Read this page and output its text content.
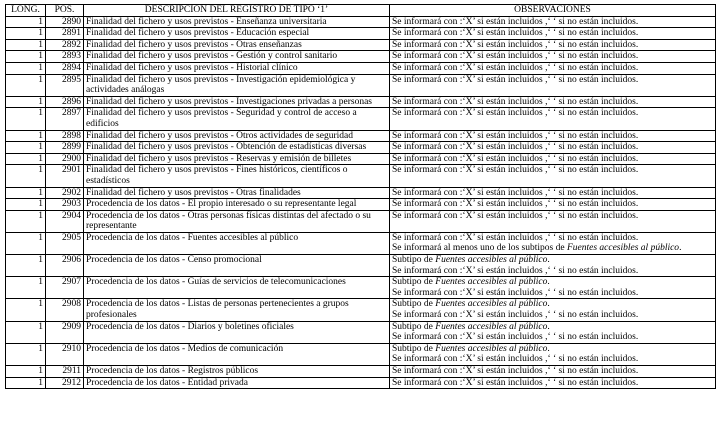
LONG.	POS.	DESCRIPCIÓN DEL REGISTRO DE TIPO ‘1’	OBSERVACIONES
1	2890	Finalidad del fichero y usos previstos - Enseñanza universitaria	Se informará con :‘X’ si están incluidos ,‘ ‘ si no están incluidos.

1	2891	Finalidad del fichero y usos previstos - Educación especial	Se informará con :‘X’ si están incluidos ,‘ ‘ si no están incluidos.

1	2892	Finalidad del fichero y usos previstos - Otras enseñanzas	Se informará con :‘X’ si están incluidos ,‘ ‘ si no están incluidos.

1	2893	Finalidad del fichero y usos previstos - Gestión y control sanitario	Se informará con :‘X’ si están incluidos ,‘ ‘ si no están incluidos.

1	2894	Finalidad del fichero y usos previstos - Historial clínico	Se informará con :‘X’ si están incluidos ,‘ ‘ si no están incluidos.

1	2895	Finalidad del fichero y usos previstos - Investigación epidemiológica y actividades análogas	Se informará con :‘X’ si están incluidos ,‘ ‘ si no están incluidos.

1	2896	Finalidad del fichero y usos previstos - Investigaciones privadas a personas	Se informará con :‘X’ si están incluidos ,‘ ‘ si no están incluidos.

1	2897	Finalidad del fichero y usos previstos - Seguridad y control de acceso a edificios	Se informará con :‘X’ si están incluidos ,‘ ‘ si no están incluidos.

1	2898	Finalidad del fichero y usos previstos - Otros actividades de seguridad	Se informará con :‘X’ si están incluidos ,‘ ‘ si no están incluidos.

1	2899	Finalidad del fichero y usos previstos - Obtención de estadísticas diversas	Se informará con :‘X’ si están incluidos ,‘ ‘ si no están incluidos.

1	2900	Finalidad del fichero y usos previstos - Reservas y emisión de billetes	Se informará con :‘X’ si están incluidos ,‘ ‘ si no están incluidos.

1	2901	Finalidad del fichero y usos previstos - Fines históricos, científicos o estadísticos	Se informará con :‘X’ si están incluidos ,‘ ‘ si no están incluidos.

1	2902	Finalidad del fichero y usos previstos - Otras finalidades	Se informará con :‘X’ si están incluidos ,‘ ‘ si no están incluidos.

1	2903	Procedencia de los datos - El propio interesado o su representante legal	Se informará con :‘X’ si están incluidos ,‘ ‘ si no están incluidos.

1	2904	Procedencia de los datos - Otras personas físicas distintas del afectado o su representante	Se informará con :‘X’ si están incluidos ,‘ ‘ si no están incluidos.

1	2905	Procedencia de los datos - Fuentes accesibles al público	Se informará con :‘X’ si están incluidos ,‘ ‘ si no están incluidos.
Se informará al menos uno de los subtipos de Fuentes accesibles al público.

1	2906	Procedencia de los datos - Censo promocional	Subtipo de Fuentes accesibles al público.
Se informará con :‘X’ si están incluidos ,‘ ‘ si no están incluidos.

1	2907	Procedencia de los datos - Guías de servicios de telecomunicaciones	Subtipo de Fuentes accesibles al público.
Se informará con :‘X’ si están incluidos ,‘ ‘ si no están incluidos.

1	2908	Procedencia de los datos - Listas de personas pertenecientes a grupos profesionales	Subtipo de Fuentes accesibles al público.
Se informará con :‘X’ si están incluidos ,‘ ‘ si no están incluidos.

1	2909	Procedencia de los datos - Diarios y boletines oficiales	Subtipo de Fuentes accesibles al público.
Se informará con :‘X’ si están incluidos ,‘ ‘ si no están incluidos.

1	2910	Procedencia de los datos - Medios de comunicación	Subtipo de Fuentes accesibles al público.
Se informará con :‘X’ si están incluidos ,‘ ‘ si no están incluidos.

1	2911	Procedencia de los datos - Registros públicos	Se informará con :‘X’ si están incluidos ,‘ ‘ si no están incluidos.

1	2912	Procedencia de los datos - Entidad privada	Se informará con :‘X’ si están incluidos ,‘ ‘ si no están incluidos.
